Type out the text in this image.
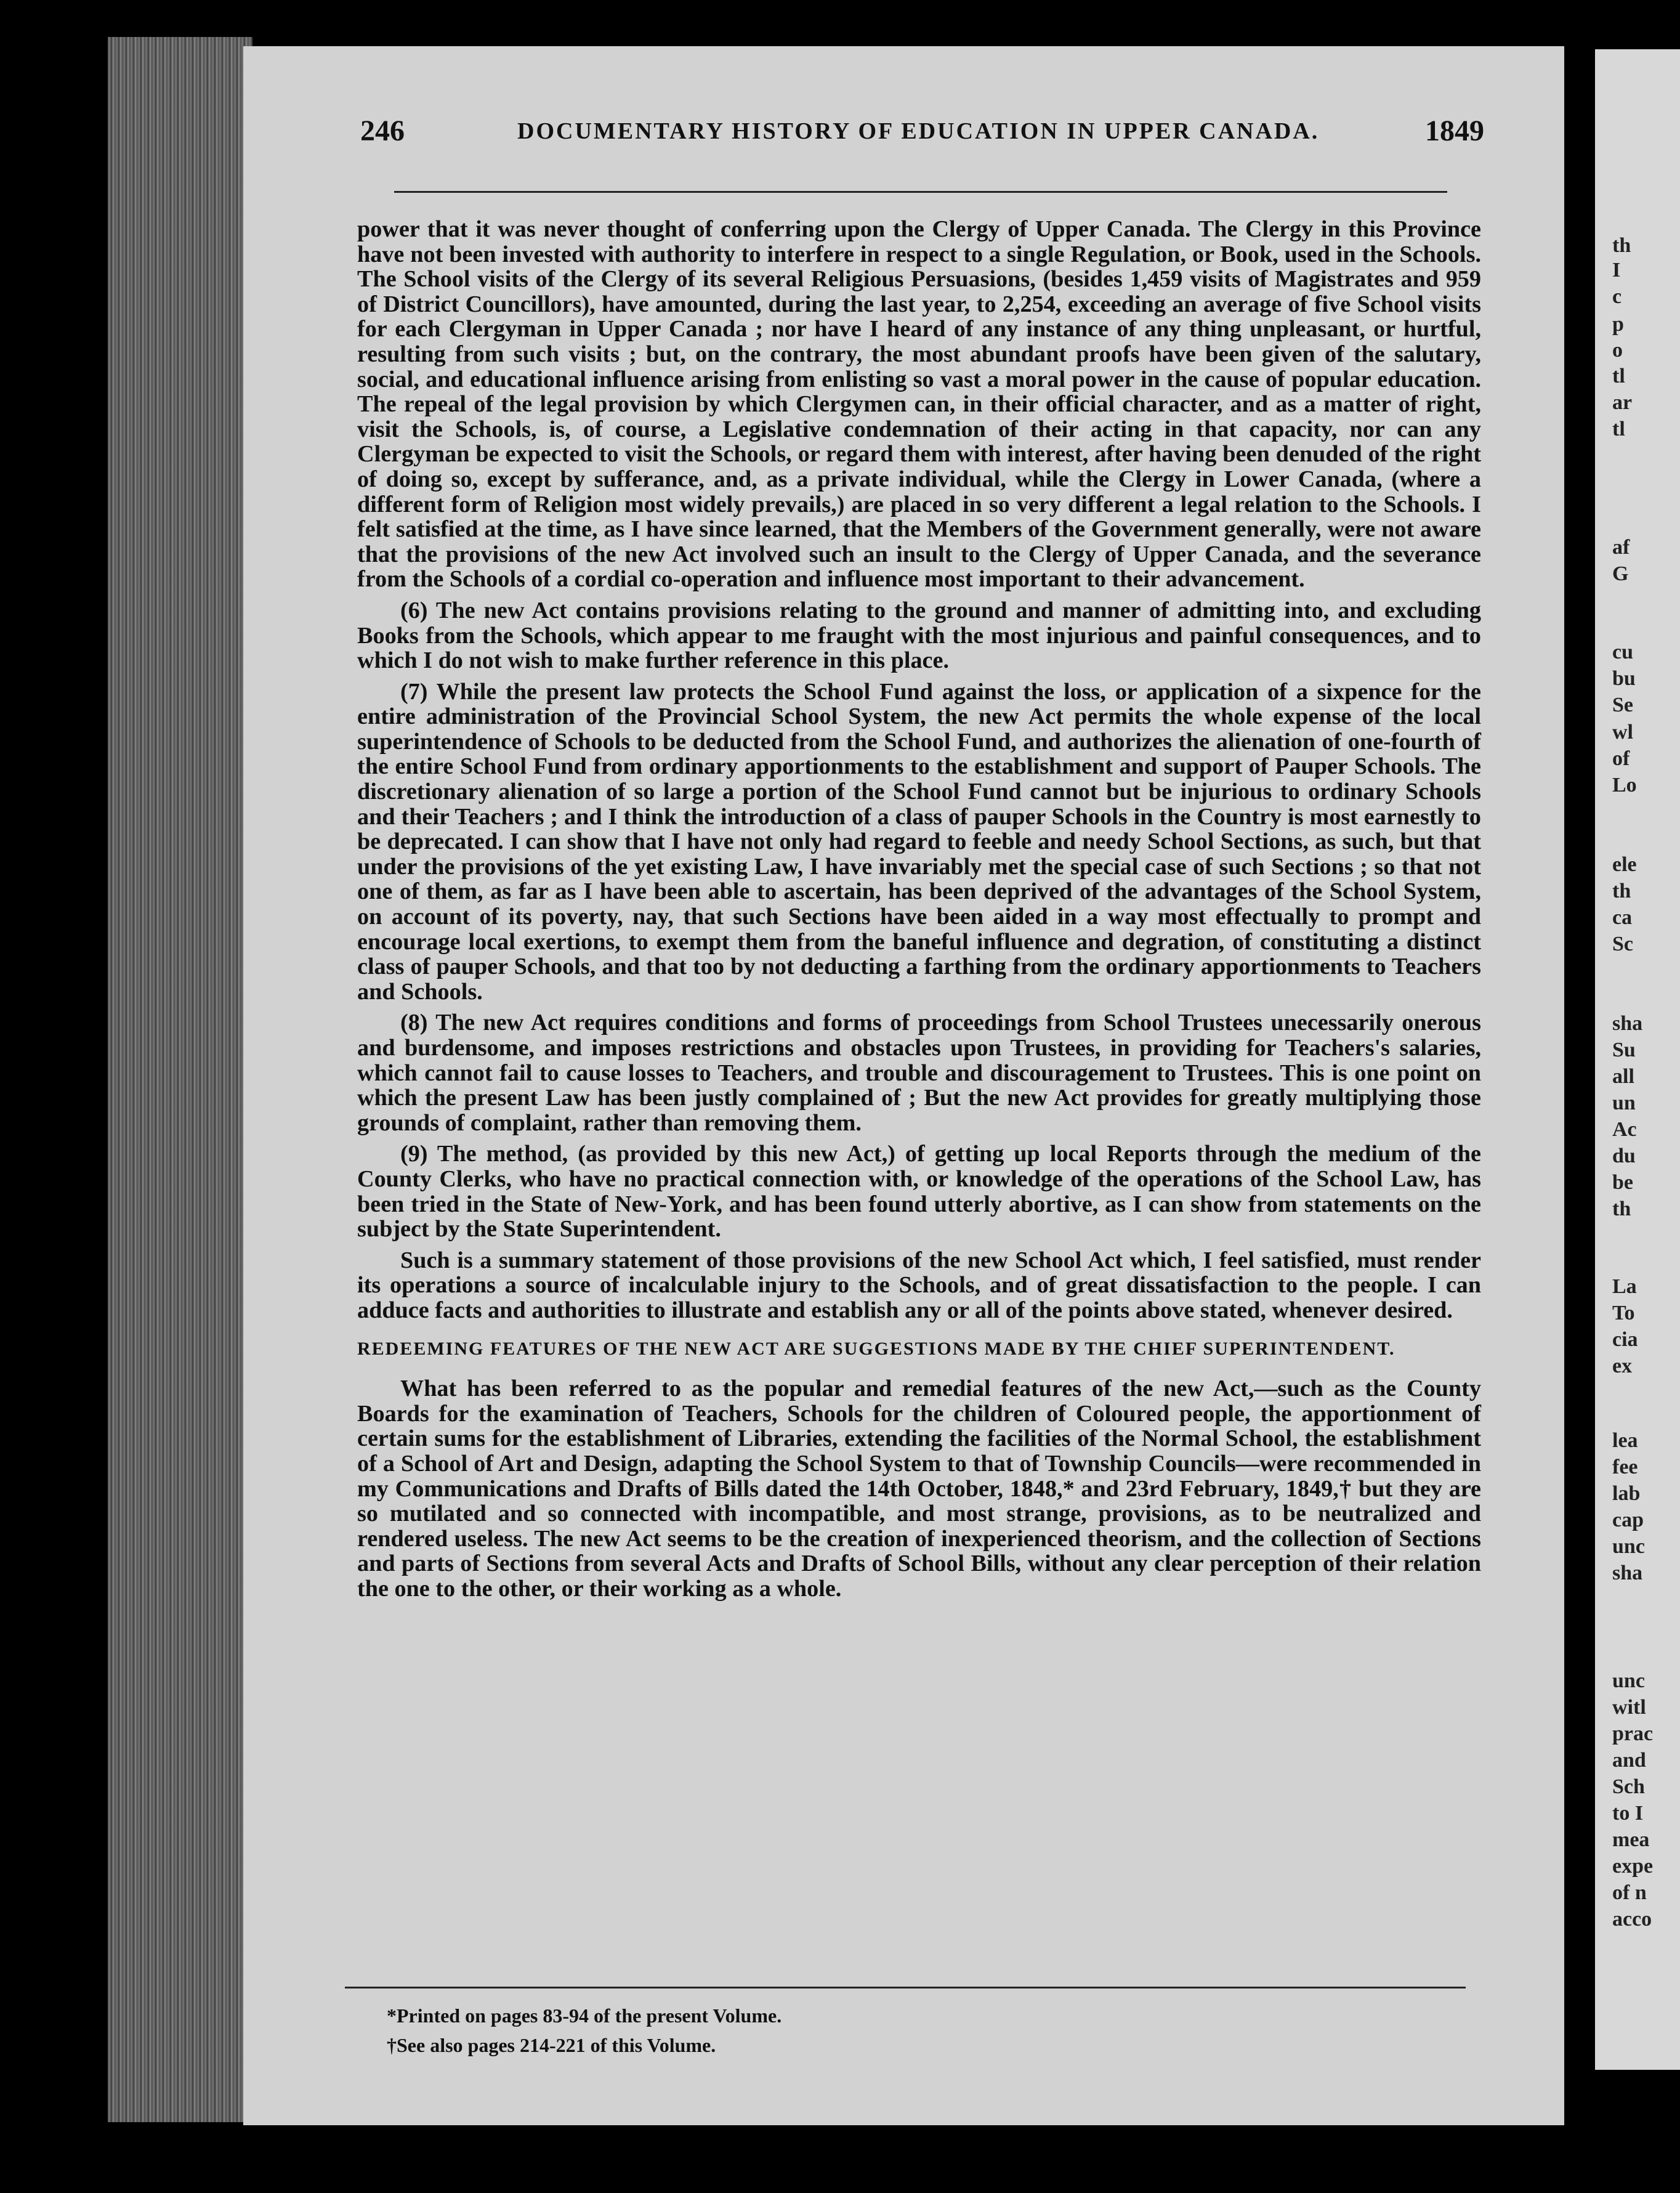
th
I
c
p
o
tl
ar
tl
af
G
cu
bu
Se
wl
of
Lo
ele
th
ca
Sc
sha
Su
all
un
Ac
du
be
th
La
To
cia
ex
lea
fee
lab
cap
unc
sha
unc
witl
prac
and
Sch
to I
mea
expe
of n
acco
246	DOCUMENTARY HISTORY OF EDUCATION IN UPPER CANADA.	1849

power that it was never thought of conferring upon the Clergy of Upper Canada. The Clergy in this Province have not been invested with authority to interfere in respect to a single Regulation, or Book, used in the Schools. The School visits of the Clergy of its several Religious Persuasions, (besides 1,459 visits of Magistrates and 959 of District Councillors), have amounted, during the last year, to 2,254, exceeding an average of five School visits for each Clergyman in Upper Canada ; nor have I heard of any instance of any thing unpleasant, or hurtful, resulting from such visits ; but, on the contrary, the most abundant proofs have been given of the salutary, social, and educational influence arising from enlisting so vast a moral power in the cause of popular education. The repeal of the legal provision by which Clergymen can, in their official character, and as a matter of right, visit the Schools, is, of course, a Legislative condemnation of their acting in that capacity, nor can any Clergyman be expected to visit the Schools, or regard them with interest, after having been denuded of the right of doing so, except by sufferance, and, as a private individual, while the Clergy in Lower Canada, (where a different form of Religion most widely prevails,) are placed in so very different a legal relation to the Schools. I felt satisfied at the time, as I have since learned, that the Members of the Government generally, were not aware that the provisions of the new Act involved such an insult to the Clergy of Upper Canada, and the severance from the Schools of a cordial co-operation and influence most important to their advancement.

(6) The new Act contains provisions relating to the ground and manner of admitting into, and excluding Books from the Schools, which appear to me fraught with the most injurious and painful consequences, and to which I do not wish to make further reference in this place.

(7) While the present law protects the School Fund against the loss, or application of a sixpence for the entire administration of the Provincial School System, the new Act permits the whole expense of the local superintendence of Schools to be deducted from the School Fund, and authorizes the alienation of one-fourth of the entire School Fund from ordinary apportionments to the establishment and support of Pauper Schools. The discretionary alienation of so large a portion of the School Fund cannot but be injurious to ordinary Schools and their Teachers ; and I think the introduction of a class of pauper Schools in the Country is most earnestly to be deprecated. I can show that I have not only had regard to feeble and needy School Sections, as such, but that under the provisions of the yet existing Law, I have invariably met the special case of such Sections ; so that not one of them, as far as I have been able to ascertain, has been deprived of the advantages of the School System, on account of its poverty, nay, that such Sections have been aided in a way most effectually to prompt and encourage local exertions, to exempt them from the baneful influence and degration, of constituting a distinct class of pauper Schools, and that too by not deducting a farthing from the ordinary apportionments to Teachers and Schools.

(8) The new Act requires conditions and forms of proceedings from School Trustees unecessarily onerous and burdensome, and imposes restrictions and obstacles upon Trustees, in providing for Teachers's salaries, which cannot fail to cause losses to Teachers, and trouble and discouragement to Trustees. This is one point on which the present Law has been justly complained of ; But the new Act provides for greatly multiplying those grounds of complaint, rather than removing them.

(9) The method, (as provided by this new Act,) of getting up local Reports through the medium of the County Clerks, who have no practical connection with, or knowledge of the operations of the School Law, has been tried in the State of New-York, and has been found utterly abortive, as I can show from statements on the subject by the State Superintendent.

Such is a summary statement of those provisions of the new School Act which, I feel satisfied, must render its operations a source of incalculable injury to the Schools, and of great dissatisfaction to the people. I can adduce facts and authorities to illustrate and establish any or all of the points above stated, whenever desired.

REDEEMING FEATURES OF THE NEW ACT ARE SUGGESTIONS MADE BY THE CHIEF SUPERINTENDENT.

What has been referred to as the popular and remedial features of the new Act,—such as the County Boards for the examination of Teachers, Schools for the children of Coloured people, the apportionment of certain sums for the establishment of Libraries, extending the facilities of the Normal School, the establishment of a School of Art and Design, adapting the School System to that of Township Councils—were recommended in my Communications and Drafts of Bills dated the 14th October, 1848,* and 23rd February, 1849,† but they are so mutilated and so connected with incompatible, and most strange, provisions, as to be neutralized and rendered useless. The new Act seems to be the creation of inexperienced theorism, and the collection of Sections and parts of Sections from several Acts and Drafts of School Bills, without any clear perception of their relation the one to the other, or their working as a whole.

*Printed on pages 83-94 of the present Volume.
†See also pages 214-221 of this Volume.
